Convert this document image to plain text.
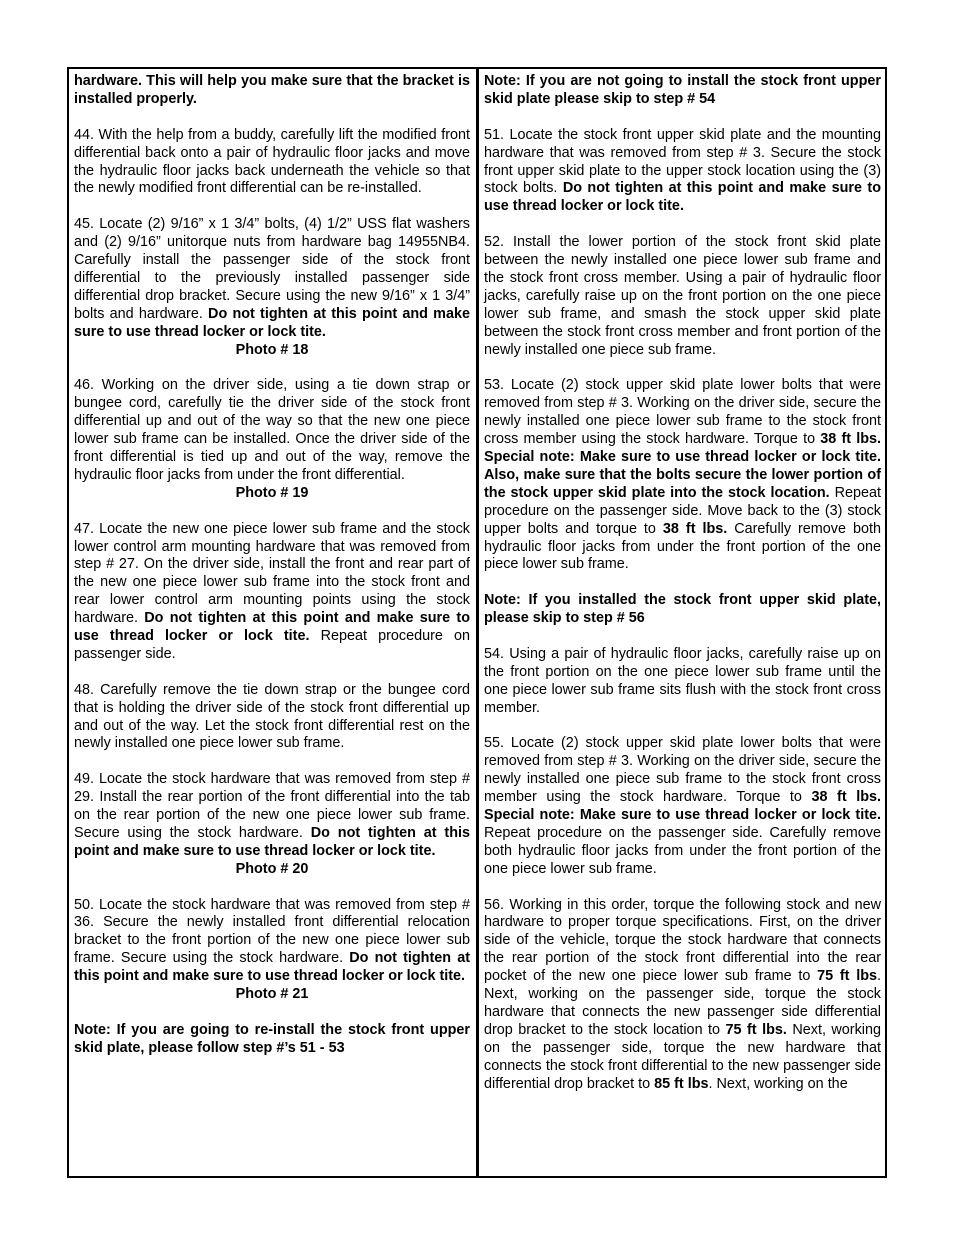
hardware. This will help you make sure that the bracket is installed properly.

44. With the help from a buddy, carefully lift the modified front differential back onto a pair of hydraulic floor jacks and move the hydraulic floor jacks back underneath the vehicle so that the newly modified front differential can be re-installed.

45. Locate (2) 9/16” x 1 3/4” bolts, (4) 1/2” USS flat washers and (2) 9/16” unitorque nuts from hardware bag 14955NB4. Carefully install the passenger side of the stock front differential to the previously installed passenger side differential drop bracket. Secure using the new 9/16” x 1 3/4” bolts and hardware. Do not tighten at this point and make sure to use thread locker or lock tite.

Photo # 18

46. Working on the driver side, using a tie down strap or bungee cord, carefully tie the driver side of the stock front differential up and out of the way so that the new one piece lower sub frame can be installed. Once the driver side of the front differential is tied up and out of the way, remove the hydraulic floor jacks from under the front differential.

Photo # 19

47. Locate the new one piece lower sub frame and the stock lower control arm mounting hardware that was removed from step # 27. On the driver side, install the front and rear part of the new one piece lower sub frame into the stock front and rear lower control arm mounting points using the stock hardware. Do not tighten at this point and make sure to use thread locker or lock tite. Repeat procedure on passenger side.

48. Carefully remove the tie down strap or the bungee cord that is holding the driver side of the stock front differential up and out of the way. Let the stock front differential rest on the newly installed one piece lower sub frame.

49. Locate the stock hardware that was removed from step # 29. Install the rear portion of the front differential into the tab on the rear portion of the new one piece lower sub frame. Secure using the stock hardware. Do not tighten at this point and make sure to use thread locker or lock tite.

Photo # 20

50. Locate the stock hardware that was removed from step # 36. Secure the newly installed front differential relocation bracket to the front portion of the new one piece lower sub frame. Secure using the stock hardware. Do not tighten at this point and make sure to use thread locker or lock tite.

Photo # 21

Note: If you are going to re-install the stock front upper skid plate, please follow step #’s 51 - 53

Note: If you are not going to install the stock front upper skid plate please skip to step # 54

51. Locate the stock front upper skid plate and the mounting hardware that was removed from step # 3. Secure the stock front upper skid plate to the upper stock location using the (3) stock bolts. Do not tighten at this point and make sure to use thread locker or lock tite.

52. Install the lower portion of the stock front skid plate between the newly installed one piece lower sub frame and the stock front cross member. Using a pair of hydraulic floor jacks, carefully raise up on the front portion on the one piece lower sub frame, and smash the stock upper skid plate between the stock front cross member and front portion of the newly installed one piece sub frame.

53. Locate (2) stock upper skid plate lower bolts that were removed from step # 3. Working on the driver side, secure the newly installed one piece lower sub frame to the stock front cross member using the stock hardware. Torque to 38 ft lbs. Special note: Make sure to use thread locker or lock tite. Also, make sure that the bolts secure the lower portion of the stock upper skid plate into the stock location. Repeat procedure on the passenger side. Move back to the (3) stock upper bolts and torque to 38 ft lbs. Carefully remove both hydraulic floor jacks from under the front portion of the one piece lower sub frame.

Note: If you installed the stock front upper skid plate, please skip to step # 56

54. Using a pair of hydraulic floor jacks, carefully raise up on the front portion on the one piece lower sub frame until the one piece lower sub frame sits flush with the stock front cross member.

55. Locate (2) stock upper skid plate lower bolts that were removed from step # 3. Working on the driver side, secure the newly installed one piece sub frame to the stock front cross member using the stock hardware. Torque to 38 ft lbs. Special note: Make sure to use thread locker or lock tite. Repeat procedure on the passenger side. Carefully remove both hydraulic floor jacks from under the front portion of the one piece lower sub frame.

56. Working in this order, torque the following stock and new hardware to proper torque specifications. First, on the driver side of the vehicle, torque the stock hardware that connects the rear portion of the stock front differential into the rear pocket of the new one piece lower sub frame to 75 ft lbs. Next, working on the passenger side, torque the stock hardware that connects the new passenger side differential drop bracket to the stock location to 75 ft lbs. Next, working on the passenger side, torque the new hardware that connects the stock front differential to the new passenger side differential drop bracket to 85 ft lbs. Next, working on the
